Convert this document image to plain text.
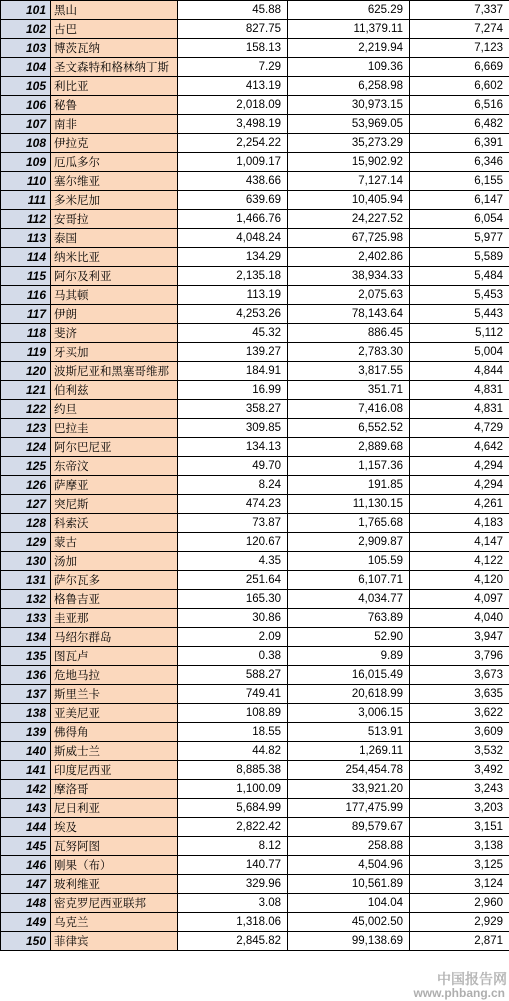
101	黑山	45.88	625.29	7,337
102	古巴	827.75	11,379.11	7,274
103	博茨瓦纳	158.13	2,219.94	7,123
104	圣文森特和格林纳丁斯	7.29	109.36	6,669
105	利比亚	413.19	6,258.98	6,602
106	秘鲁	2,018.09	30,973.15	6,516
107	南非	3,498.19	53,969.05	6,482
108	伊拉克	2,254.22	35,273.29	6,391
109	厄瓜多尔	1,009.17	15,902.92	6,346
110	塞尔维亚	438.66	7,127.14	6,155
111	多米尼加	639.69	10,405.94	6,147
112	安哥拉	1,466.76	24,227.52	6,054
113	泰国	4,048.24	67,725.98	5,977
114	纳米比亚	134.29	2,402.86	5,589
115	阿尔及利亚	2,135.18	38,934.33	5,484
116	马其顿	113.19	2,075.63	5,453
117	伊朗	4,253.26	78,143.64	5,443
118	斐济	45.32	886.45	5,112
119	牙买加	139.27	2,783.30	5,004
120	波斯尼亚和黑塞哥维那	184.91	3,817.55	4,844
121	伯利兹	16.99	351.71	4,831
122	约旦	358.27	7,416.08	4,831
123	巴拉圭	309.85	6,552.52	4,729
124	阿尔巴尼亚	134.13	2,889.68	4,642
125	东帝汶	49.70	1,157.36	4,294
126	萨摩亚	8.24	191.85	4,294
127	突尼斯	474.23	11,130.15	4,261
128	科索沃	73.87	1,765.68	4,183
129	蒙古	120.67	2,909.87	4,147
130	汤加	4.35	105.59	4,122
131	萨尔瓦多	251.64	6,107.71	4,120
132	格鲁吉亚	165.30	4,034.77	4,097
133	圭亚那	30.86	763.89	4,040
134	马绍尔群岛	2.09	52.90	3,947
135	图瓦卢	0.38	9.89	3,796
136	危地马拉	588.27	16,015.49	3,673
137	斯里兰卡	749.41	20,618.99	3,635
138	亚美尼亚	108.89	3,006.15	3,622
139	佛得角	18.55	513.91	3,609
140	斯威士兰	44.82	1,269.11	3,532
141	印度尼西亚	8,885.38	254,454.78	3,492
142	摩洛哥	1,100.09	33,921.20	3,243
143	尼日利亚	5,684.99	177,475.99	3,203
144	埃及	2,822.42	89,579.67	3,151
145	瓦努阿图	8.12	258.88	3,138
146	刚果（布）	140.77	4,504.96	3,125
147	玻利维亚	329.96	10,561.89	3,124
148	密克罗尼西亚联邦	3.08	104.04	2,960
149	乌克兰	1,318.06	45,002.50	2,929
150	菲律宾	2,845.82	99,138.69	2,871
中国报告网
www.phbang.cn
